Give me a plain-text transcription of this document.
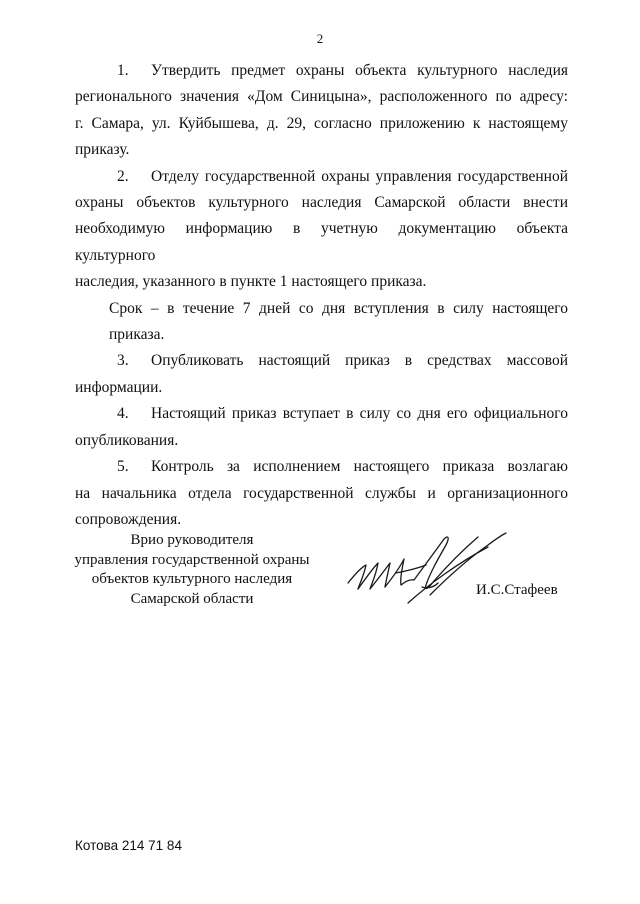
2

1. Утвердить предмет охраны объекта культурного наследия

регионального значения «Дом Синицына», расположенного по адресу:

г. Самара, ул. Куйбышева, д. 29, согласно приложению к настоящему

приказу.

2. Отделу государственной охраны управления государственной

охраны объектов культурного наследия Самарской области внести

необходимую информацию в учетную документацию объекта культурного

наследия, указанного в пункте 1 настоящего приказа.

Срок – в течение 7 дней со дня вступления в силу настоящего

приказа.

3. Опубликовать настоящий приказ в средствах массовой

информации.

4. Настоящий приказ вступает в силу со дня его официального

опубликования.

5. Контроль за исполнением настоящего приказа возлагаю

на начальника отдела государственной службы и организационного

сопровождения.

Врио руководителя
управления государственной охраны
объектов культурного наследия
Самарской области
И.С.Стафеев
Котова 214 71 84
